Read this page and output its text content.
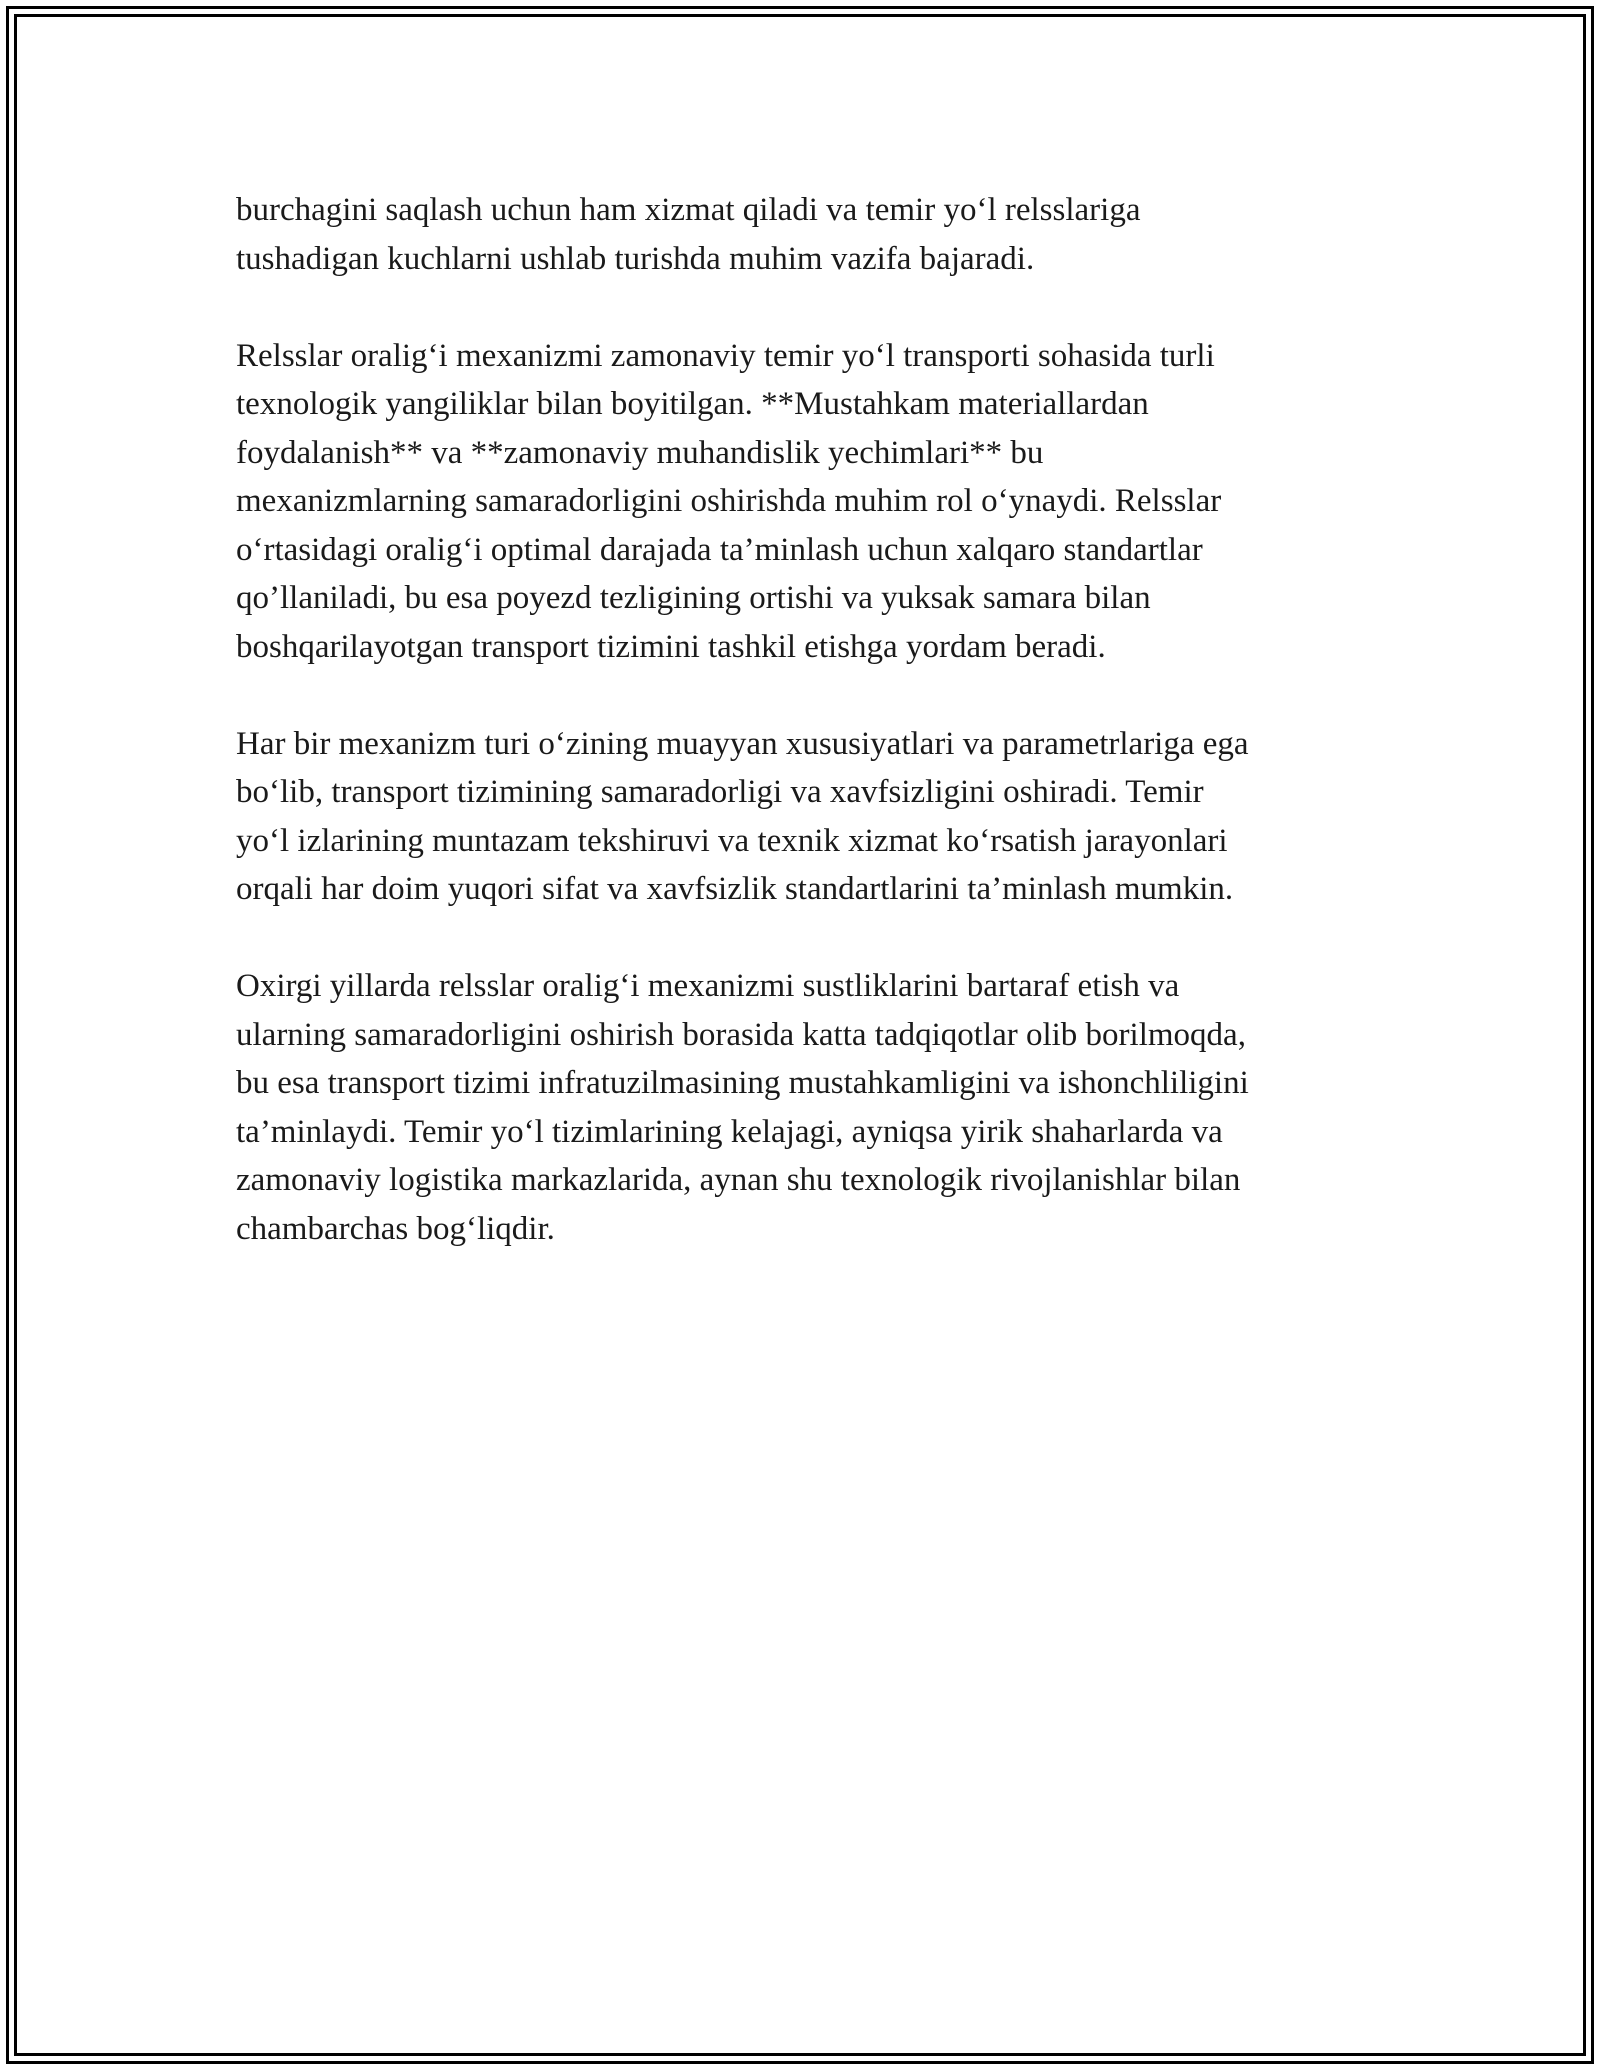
burchagini saqlash uchun ham xizmat qiladi va temir yo‘l relsslariga
tushadigan kuchlarni ushlab turishda muhim vazifa bajaradi.

Relsslar oralig‘i mexanizmi zamonaviy temir yo‘l transporti sohasida turli
texnologik yangiliklar bilan boyitilgan. **Mustahkam materiallardan
foydalanish** va **zamonaviy muhandislik yechimlari** bu
mexanizmlarning samaradorligini oshirishda muhim rol o‘ynaydi. Relsslar
o‘rtasidagi oralig‘i optimal darajada ta’minlash uchun xalqaro standartlar
qo’llaniladi, bu esa poyezd tezligining ortishi va yuksak samara bilan
boshqarilayotgan transport tizimini tashkil etishga yordam beradi.

Har bir mexanizm turi o‘zining muayyan xususiyatlari va parametrlariga ega
bo‘lib, transport tizimining samaradorligi va xavfsizligini oshiradi. Temir
yo‘l izlarining muntazam tekshiruvi va texnik xizmat ko‘rsatish jarayonlari
orqali har doim yuqori sifat va xavfsizlik standartlarini ta’minlash mumkin.

Oxirgi yillarda relsslar oralig‘i mexanizmi sustliklarini bartaraf etish va
ularning samaradorligini oshirish borasida katta tadqiqotlar olib borilmoqda,
bu esa transport tizimi infratuzilmasining mustahkamligini va ishonchliligini
ta’minlaydi. Temir yo‘l tizimlarining kelajagi, ayniqsa yirik shaharlarda va
zamonaviy logistika markazlarida, aynan shu texnologik rivojlanishlar bilan
chambarchas bog‘liqdir.
